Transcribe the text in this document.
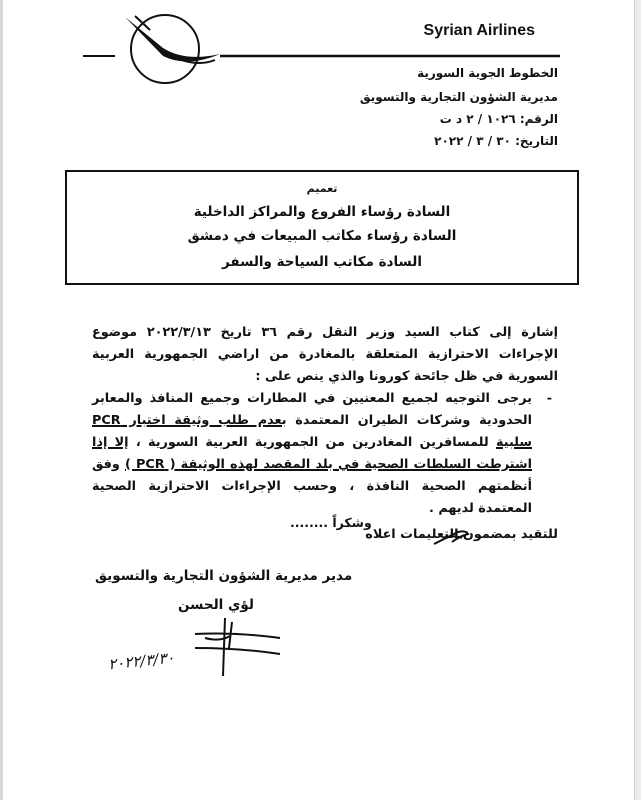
Syrian Airlines
الخطوط الجوية السورية
مديرية الشؤون التجارية والتسويق
الرقم: ١٠٢٦ / ٢ د ت
التاريخ: ٣٠ / ٣ / ٢٠٢٢
تعميم
السادة رؤساء الفروع والمراكز الداخلية
السادة رؤساء مكاتب المبيعات في دمشق
السادة مكاتب السياحة والسفر

إشارة إلى كتاب السيد وزير النقل رقم ٣٦ تاريخ ٢٠٢٢/٣/١٣ موضوع الإجراءات الاحترازية المتعلقة بالمغادرة من اراضي الجمهورية العربية السورية في ظل جائحة كورونا والذي ينص على :

- يرجى التوجيه لجميع المعنيين في المطارات وجميع المنافذ والمعابر الحدودية وشركات الطيران المعتمدة بعدم طلب وثيقة اختبار PCR سلبية للمسافرين المغادرين من الجمهورية العربية السورية ، إلا إذا اشترطت السلطات الصحية في بلد المقصد لهذه الوثيقة ( PCR ) وفق أنظمتهم الصحية النافذة ، وحسب الإجراءات الاحترازية الصحية المعتمدة لديهم .

للتقيد بمضمون التعليمات اعلاه

وشكراً ........
مدير مديرية الشؤون التجارية والتسويق
لؤي الحسن
٢٠٢٢/٣/٣٠
